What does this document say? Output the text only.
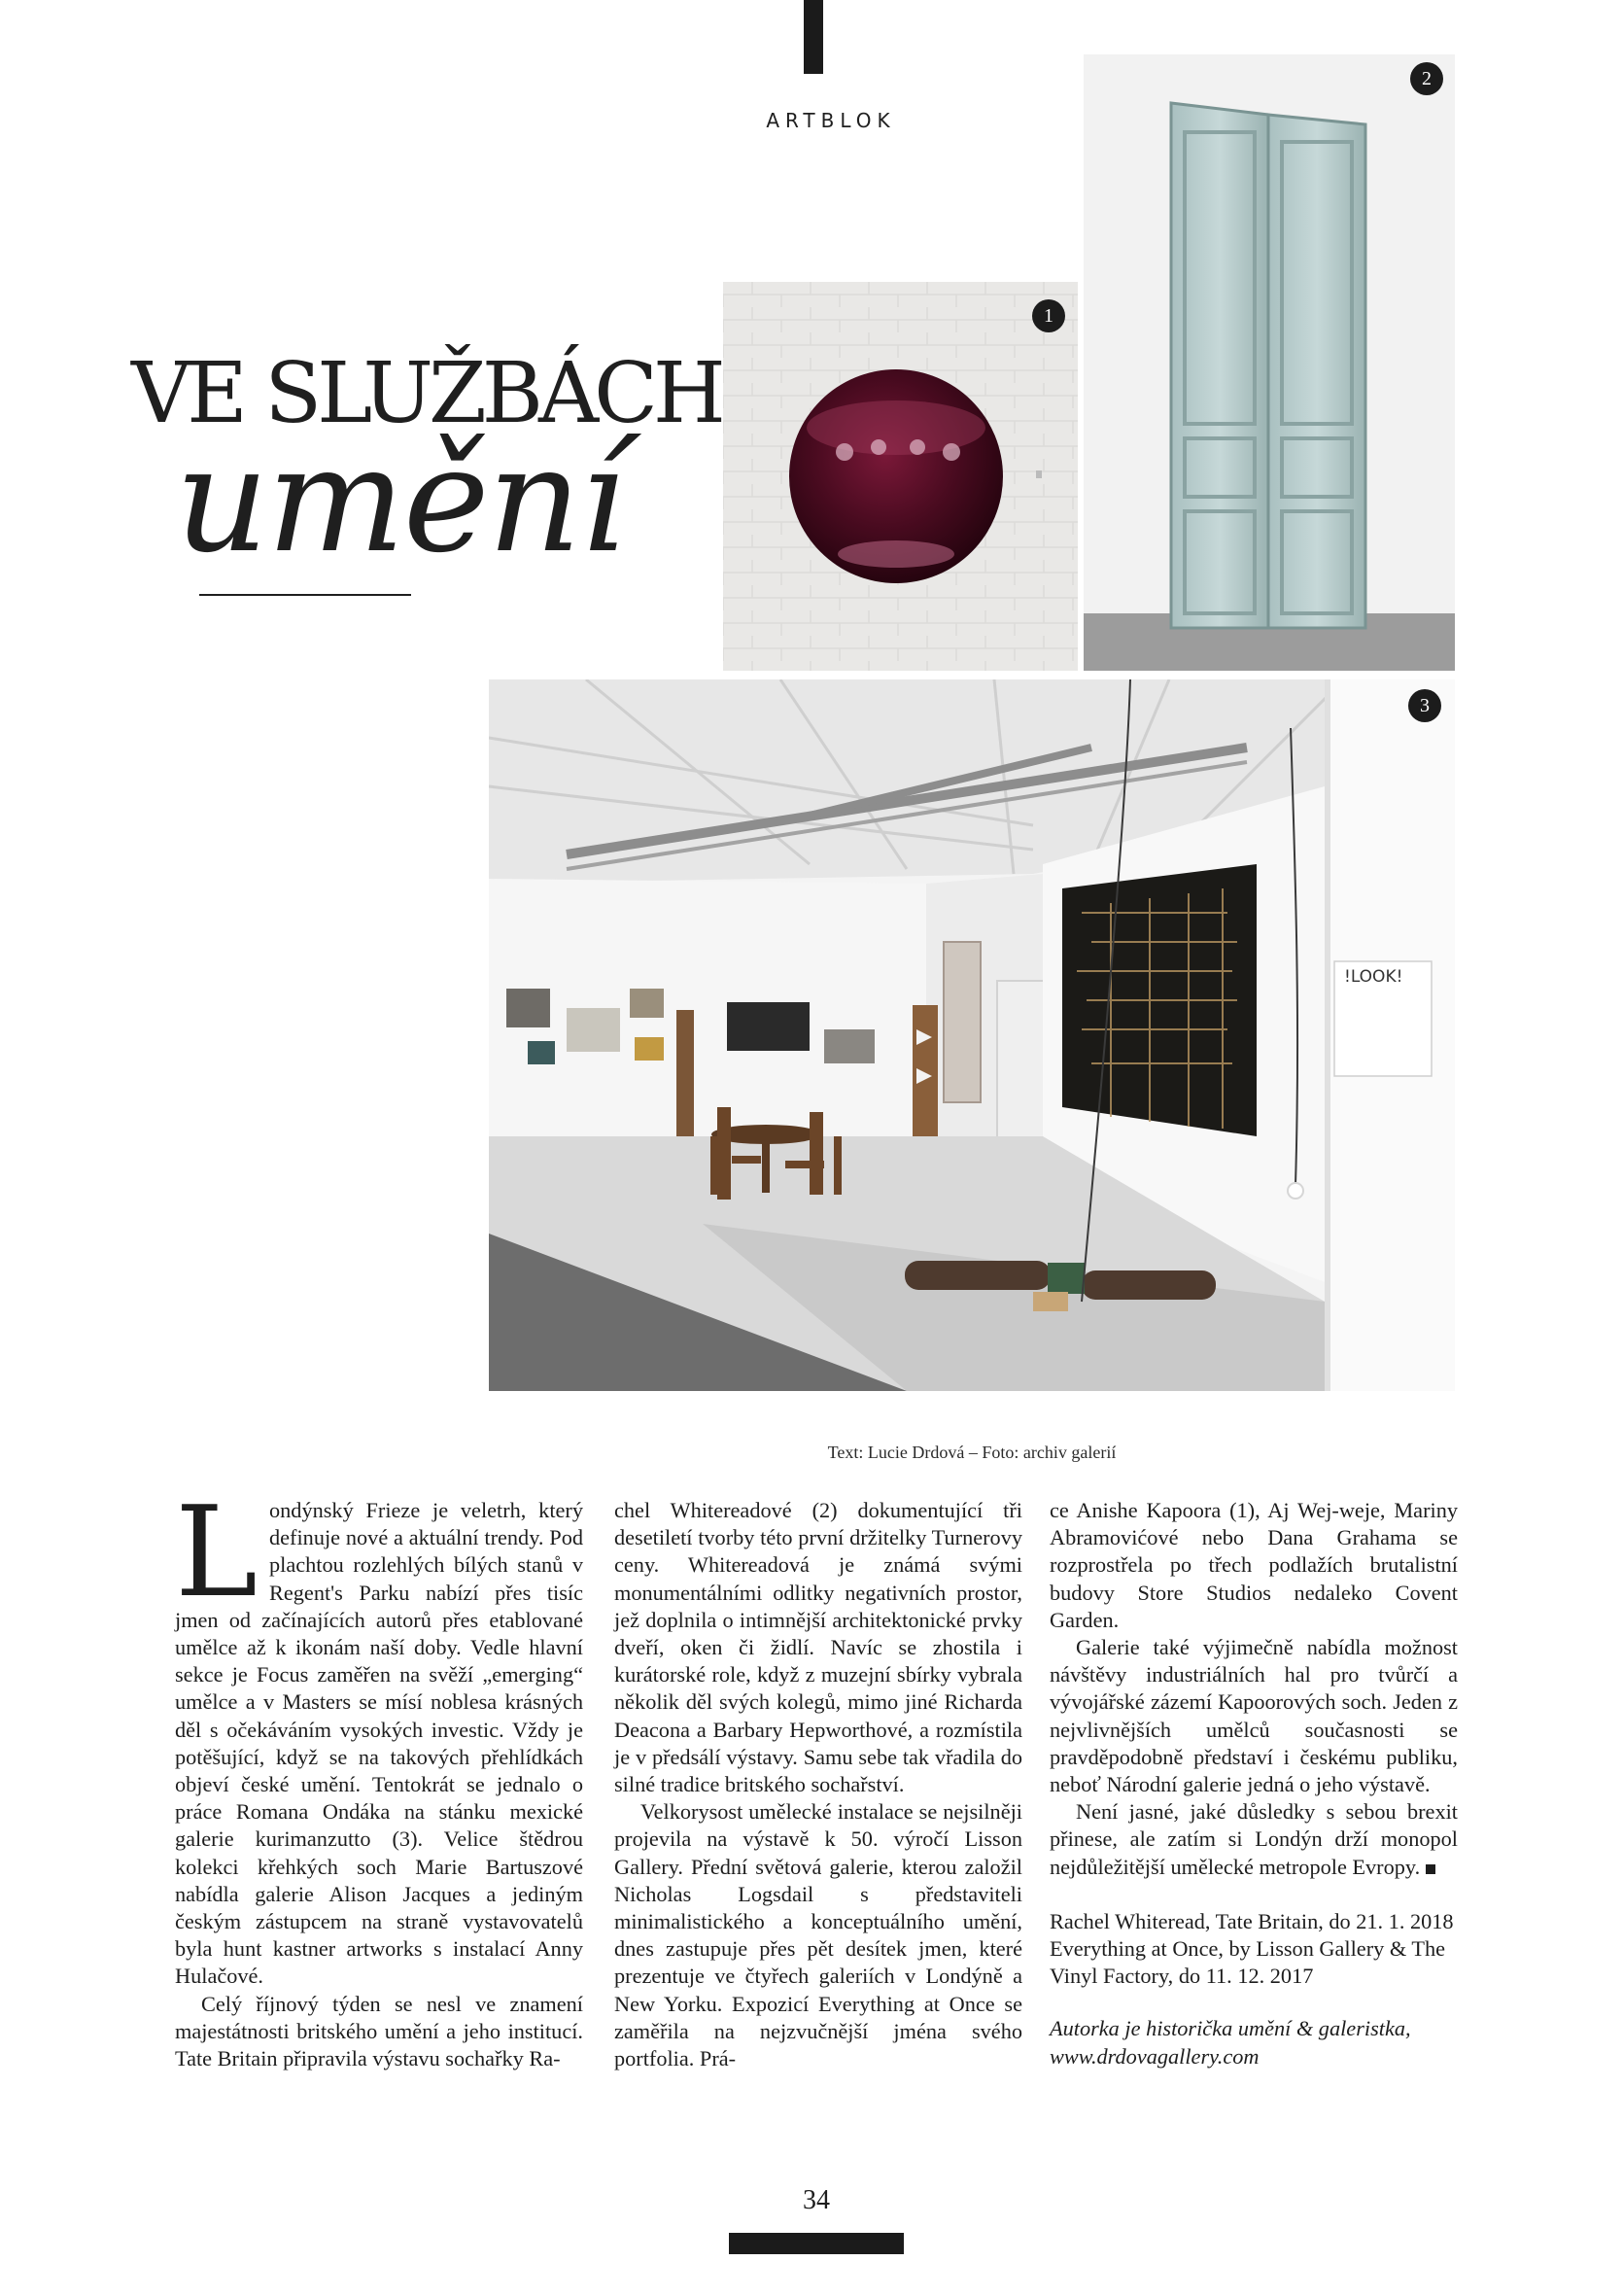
ARTBLOK
VE SLUŽBÁCH
umění
1
2
!LOOK!
3
Text: Lucie Drdová – Foto: archiv galerií
L ondýnský Frieze je veletrh, který definuje nové a aktuální trendy. Pod plachtou rozlehlých bílých stanů v Regent's Parku nabízí přes tisíc jmen od začínajících autorů přes etablované umělce až k ikonám naší doby. Vedle hlavní sekce je Focus zaměřen na svěží „emerging“ umělce a v Masters se mísí noblesa krásných děl s očekáváním vysokých investic. Vždy je potěšující, když se na takových přehlídkách objeví české umění. Tentokrát se jednalo o práce Romana Ondáka na stánku mexické galerie kurimanzutto (3). Velice štědrou kolekci křehkých soch Marie Bartuszové nabídla galerie Alison Jacques a jediným českým zástupcem na straně vystavovatelů byla hunt kastner artworks s instalací Anny Hulačové.

Celý říjnový týden se nesl ve znamení majestátnosti britského umění a jeho institucí. Tate Britain připravila výstavu sochařky Ra-

chel Whitereadové (2) dokumentující tři desetiletí tvorby této první držitelky Turnerovy ceny. Whitereadová je známá svými monumentálními odlitky negativních prostor, jež doplnila o intimnější architektonické prvky dveří, oken či židlí. Navíc se zhostila i kurátorské role, když z muzejní sbírky vybrala několik děl svých kolegů, mimo jiné Richarda Deacona a Barbary Hepworthové, a rozmístila je v předsálí výstavy. Samu sebe tak vřadila do silné tradice britského sochařství.

Velkorysost umělecké instalace se nejsilněji projevila na výstavě k 50. výročí Lisson Gallery. Přední světová galerie, kterou založil Nicholas Logsdail s představiteli minimalistického a konceptuálního umění, dnes zastupuje přes pět desítek jmen, které prezentuje ve čtyřech galeriích v Londýně a New Yorku. Expozicí Everything at Once se zaměřila na nejzvučnější jména svého portfolia. Prá-

ce Anishe Kapoora (1), Aj Wej-weje, Mariny Abramovićové nebo Dana Grahama se rozprostřela po třech podlažích brutalistní budovy Store Studios nedaleko Covent Garden.

Galerie také výjimečně nabídla možnost návštěvy industriálních hal pro tvůrčí a vývojářské zázemí Kapoorových soch. Jeden z nejvlivnějších umělců současnosti se pravděpodobně představí i českému publiku, neboť Národní galerie jedná o jeho výstavě.

Není jasné, jaké důsledky s sebou brexit přinese, ale zatím si Londýn drží monopol nejdůležitější umělecké metropole Evropy.

Rachel Whiteread, Tate Britain, do 21. 1. 2018

Everything at Once, by Lisson Gallery & The Vinyl Factory, do 11. 12. 2017

Autorka je historička umění & galeristka, www.drdovagallery.com

34
